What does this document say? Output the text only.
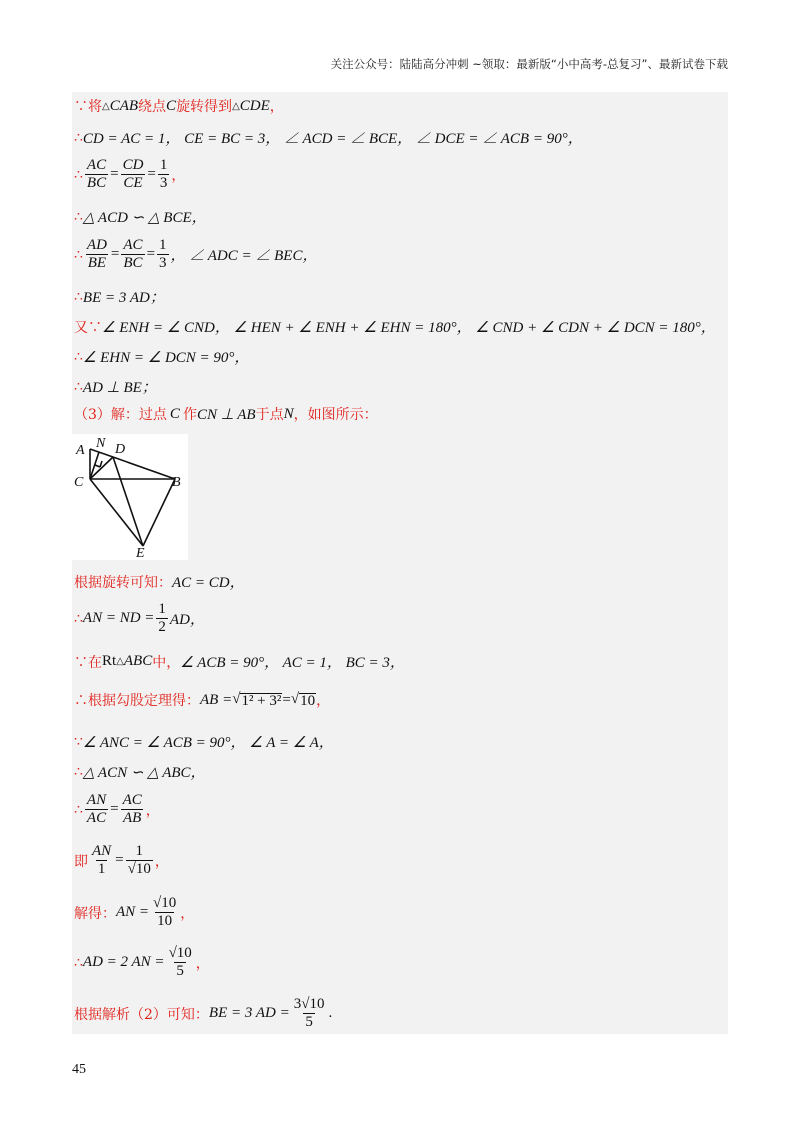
关注公众号：陆陆高分冲刺 ~领取：最新版“小中高考-总复习”、最新试卷下载
∵将 △ CAB 绕点 C 旋转得到 △ CDE ，
∴ CD = AC = 1， CE = BC = 3， ∠ ACD = ∠ BCE， ∠ DCE = ∠ ACB = 90°，
∴ $\frac{AC}{BC} = \frac{CD}{CE} = \frac{1}{3}$ ，
∴ △ ACD ∽ △ BCE，
∴ $\frac{AD}{BE} = \frac{AC}{BC} = \frac{1}{3}$ ， ∠ ADC = ∠ BEC，
∴ BE = 3 AD；
又∵ ∠ ENH = ∠ CND， ∠ HEN + ∠ ENH + ∠ EHN = 180°， ∠ CND + ∠ CDN + ∠ DCN = 180°，
∴ ∠ EHN = ∠ DCN = 90°，
∴ AD ⊥ BE；
（3）解：过点 C 作 CN ⊥ AB 于点 N ，如图所示：
A N D
C	B
E
根据旋转可知： AC = CD，
∴ AN = ND = $\frac{1}{2}$ AD，
∵在 Rt △ ABC 中， ∠ ACB = 90°， AC = 1， BC = 3，
∴根据勾股定理得： AB = √ 1² + 3² = √ 10 ，
∵ ∠ ANC = ∠ ACB = 90°， ∠ A = ∠ A，
∴ △ ACN ∽ △ ABC，
∴ $\frac{AN}{AC} = \frac{AC}{AB}$ ，
即 $\frac{AN}{1} = \frac{1}{√10}$ ，
解得： AN = $\frac{√10}{10}$ ，
∴ AD = 2 AN = $\frac{√10}{5}$ ，
根据解析（2）可知： BE = 3 AD = $\frac{3√10}{5}$ .
45
